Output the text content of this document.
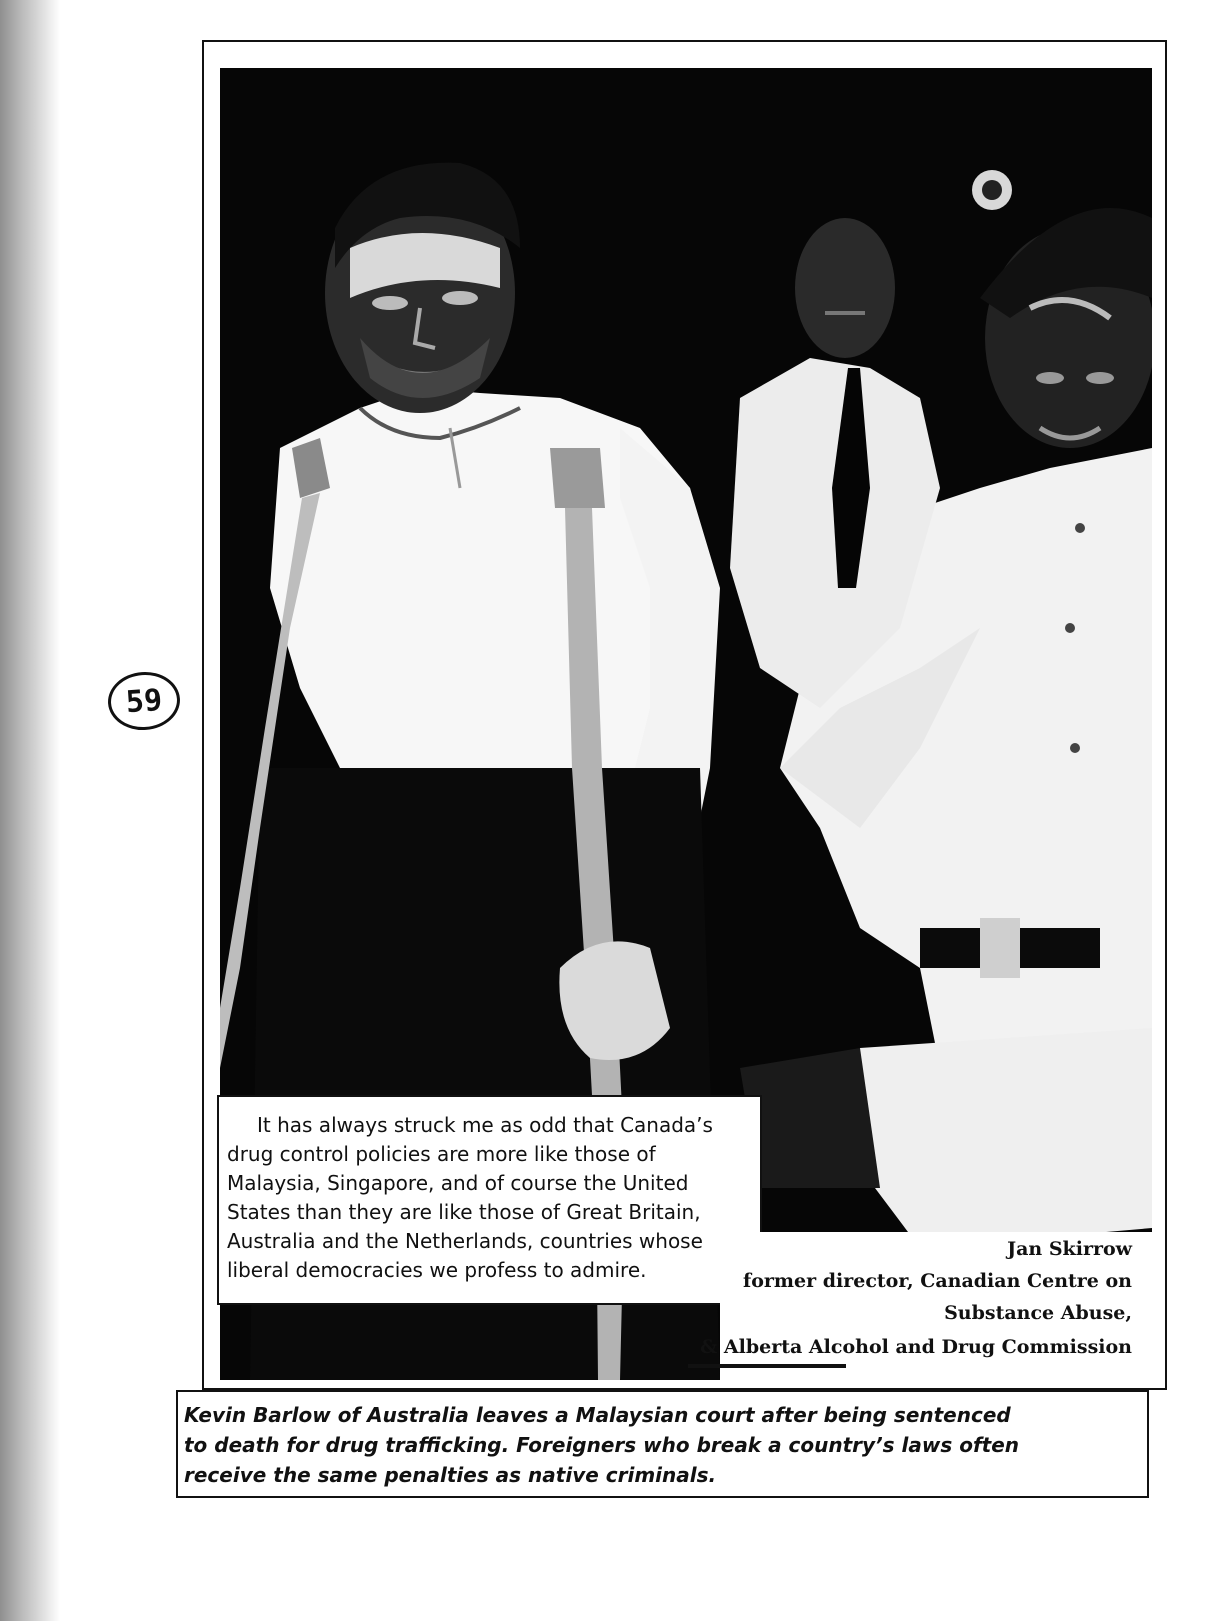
59
It has always struck me as odd that Canada’s
drug control policies are more like those of
Malaysia, Singapore, and of course the United
States than they are like those of Great Britain,
Australia and the Netherlands, countries whose
liberal democracies we profess to admire.
Jan Skirrow
former director, Canadian Centre on
Substance Abuse,
& Alberta Alcohol and Drug Commission
Kevin Barlow of Australia leaves a Malaysian court after being sentenced
to death for drug trafficking. Foreigners who break a country’s laws often
receive the same penalties as native criminals.
